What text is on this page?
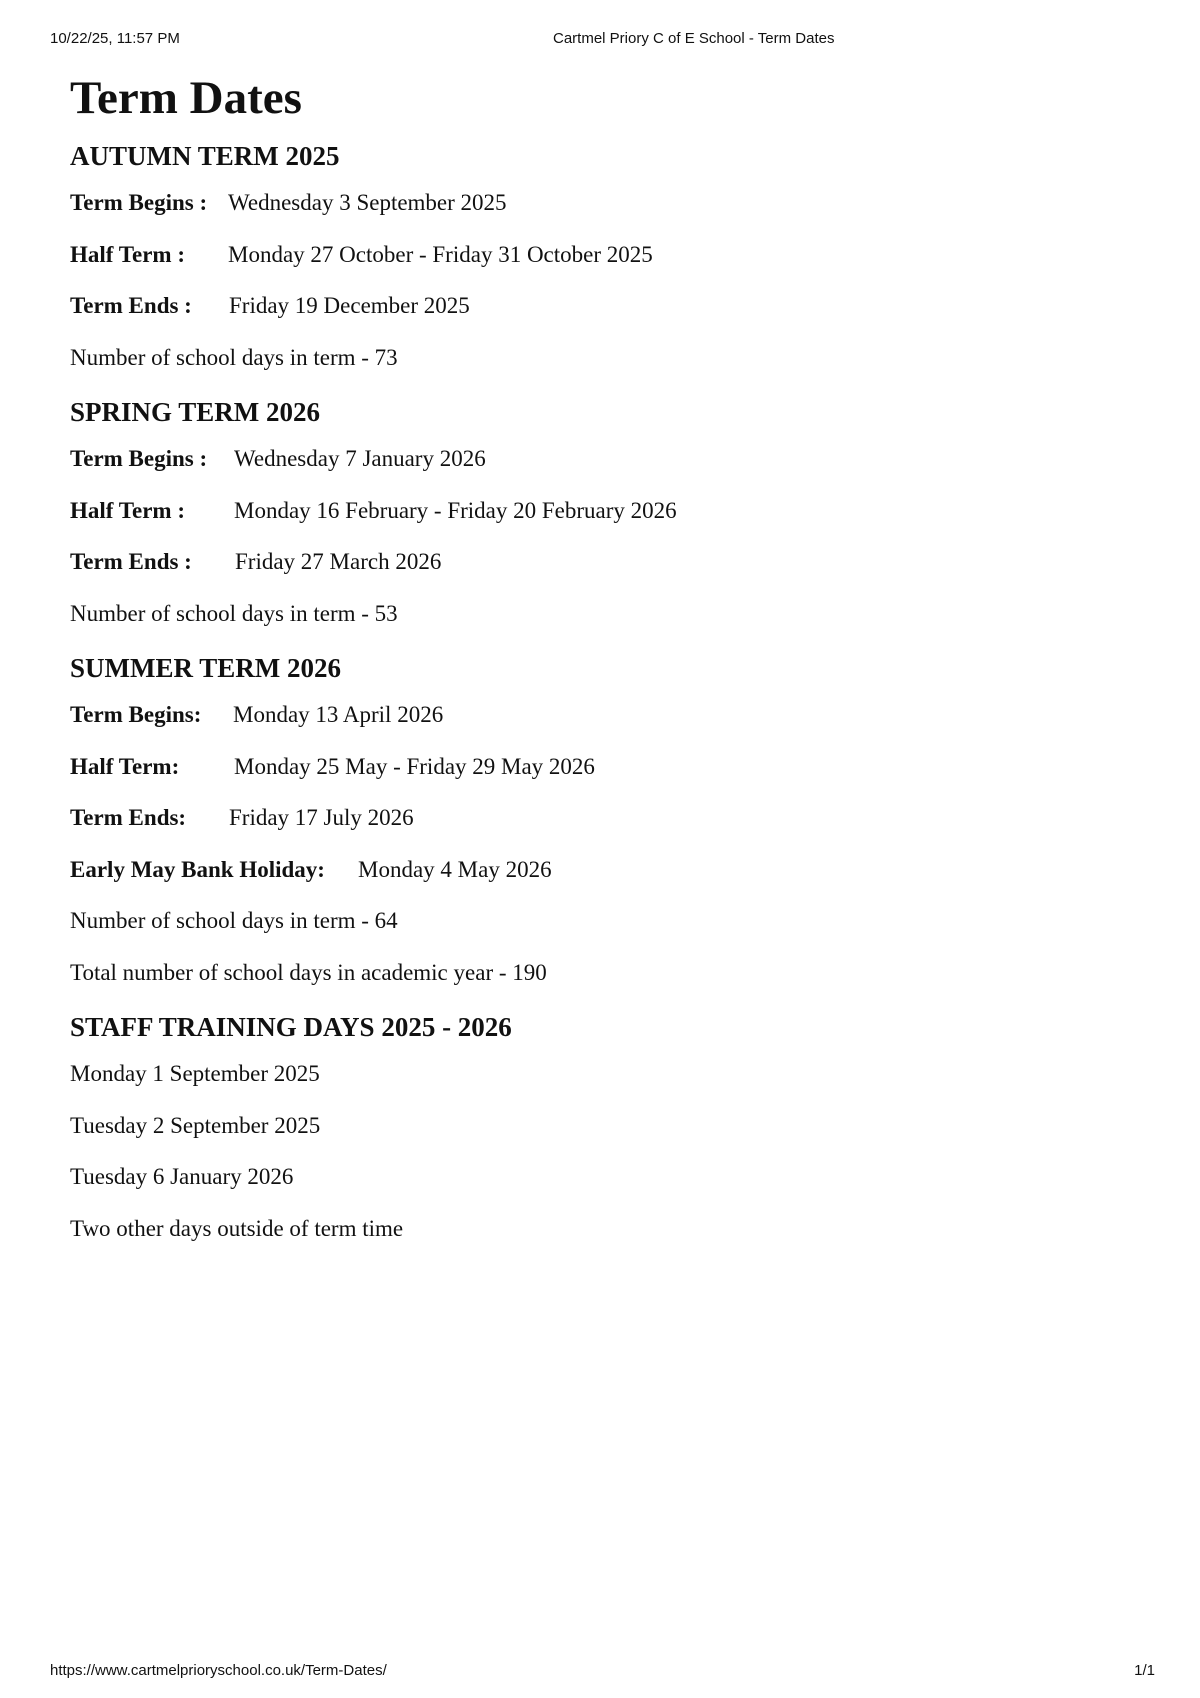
10/22/25, 11:57 PM	Cartmel Priory C of E School - Term Dates
Term Dates
AUTUMN TERM 2025
Term Begins : Wednesday 3 September 2025
Half Term : Monday 27 October - Friday 31 October 2025
Term Ends : Friday 19 December 2025
Number of school days in term - 73
SPRING TERM 2026
Term Begins : Wednesday 7 January 2026
Half Term : Monday 16 February - Friday 20 February 2026
Term Ends : Friday 27 March 2026
Number of school days in term - 53
SUMMER TERM 2026
Term Begins: Monday 13 April 2026
Half Term: Monday 25 May - Friday 29 May 2026
Term Ends: Friday 17 July 2026
Early May Bank Holiday: Monday 4 May 2026
Number of school days in term - 64
Total number of school days in academic year - 190
STAFF TRAINING DAYS 2025 - 2026
Monday 1 September 2025
Tuesday 2 September 2025
Tuesday 6 January 2026
Two other days outside of term time
https://www.cartmelprioryschool.co.uk/Term-Dates/	1/1
